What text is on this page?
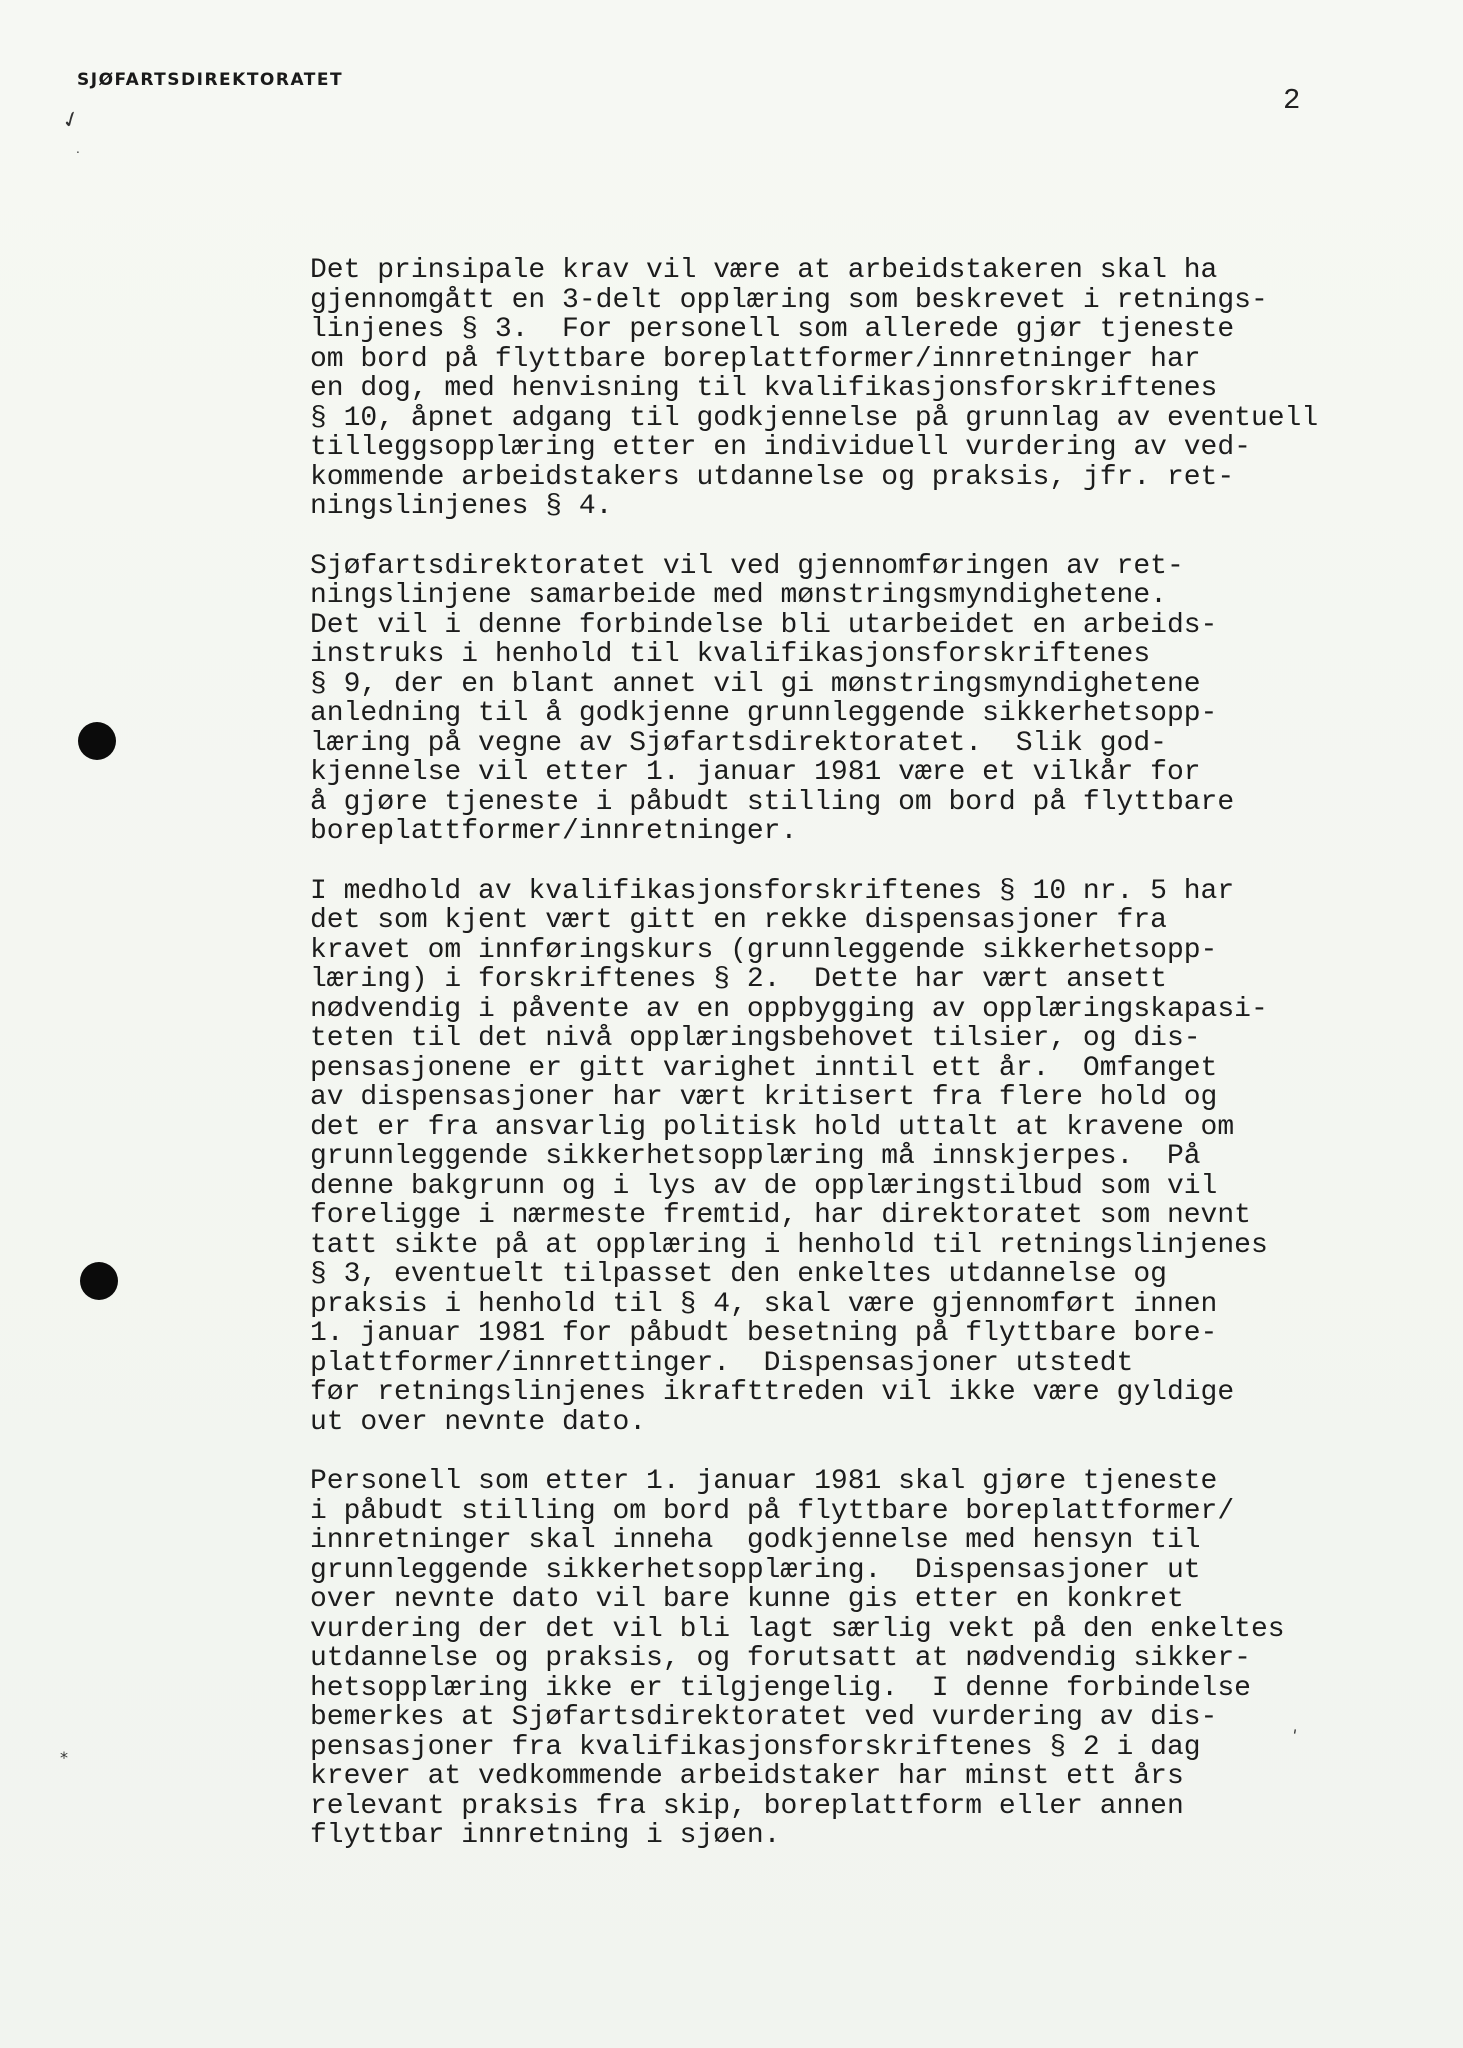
SJØFARTSDIREKTORATET
2
✓
.
*
'
Det prinsipale krav vil være at arbeidstakeren skal ha
gjennomgått en 3-delt opplæring som beskrevet i retnings-
linjenes § 3.  For personell som allerede gjør tjeneste
om bord på flyttbare boreplattformer/innretninger har
en dog, med henvisning til kvalifikasjonsforskriftenes
§ 10, åpnet adgang til godkjennelse på grunnlag av eventuell
tilleggsopplæring etter en individuell vurdering av ved-
kommende arbeidstakers utdannelse og praksis, jfr. ret-
ningslinjenes § 4.
Sjøfartsdirektoratet vil ved gjennomføringen av ret-
ningslinjene samarbeide med mønstringsmyndighetene.
Det vil i denne forbindelse bli utarbeidet en arbeids-
instruks i henhold til kvalifikasjonsforskriftenes
§ 9, der en blant annet vil gi mønstringsmyndighetene
anledning til å godkjenne grunnleggende sikkerhetsopp-
læring på vegne av Sjøfartsdirektoratet.  Slik god-
kjennelse vil etter 1. januar 1981 være et vilkår for
å gjøre tjeneste i påbudt stilling om bord på flyttbare
boreplattformer/innretninger.
I medhold av kvalifikasjonsforskriftenes § 10 nr. 5 har
det som kjent vært gitt en rekke dispensasjoner fra
kravet om innføringskurs (grunnleggende sikkerhetsopp-
læring) i forskriftenes § 2.  Dette har vært ansett
nødvendig i påvente av en oppbygging av opplæringskapasi-
teten til det nivå opplæringsbehovet tilsier, og dis-
pensasjonene er gitt varighet inntil ett år.  Omfanget
av dispensasjoner har vært kritisert fra flere hold og
det er fra ansvarlig politisk hold uttalt at kravene om
grunnleggende sikkerhetsopplæring må innskjerpes.  På
denne bakgrunn og i lys av de opplæringstilbud som vil
foreligge i nærmeste fremtid, har direktoratet som nevnt
tatt sikte på at opplæring i henhold til retningslinjenes
§ 3, eventuelt tilpasset den enkeltes utdannelse og
praksis i henhold til § 4, skal være gjennomført innen
1. januar 1981 for påbudt besetning på flyttbare bore-
plattformer/innrettinger.  Dispensasjoner utstedt
før retningslinjenes ikrafttreden vil ikke være gyldige
ut over nevnte dato.
Personell som etter 1. januar 1981 skal gjøre tjeneste
i påbudt stilling om bord på flyttbare boreplattformer/
innretninger skal inneha  godkjennelse med hensyn til
grunnleggende sikkerhetsopplæring.  Dispensasjoner ut
over nevnte dato vil bare kunne gis etter en konkret
vurdering der det vil bli lagt særlig vekt på den enkeltes
utdannelse og praksis, og forutsatt at nødvendig sikker-
hetsopplæring ikke er tilgjengelig.  I denne forbindelse
bemerkes at Sjøfartsdirektoratet ved vurdering av dis-
pensasjoner fra kvalifikasjonsforskriftenes § 2 i dag
krever at vedkommende arbeidstaker har minst ett års
relevant praksis fra skip, boreplattform eller annen
flyttbar innretning i sjøen.
